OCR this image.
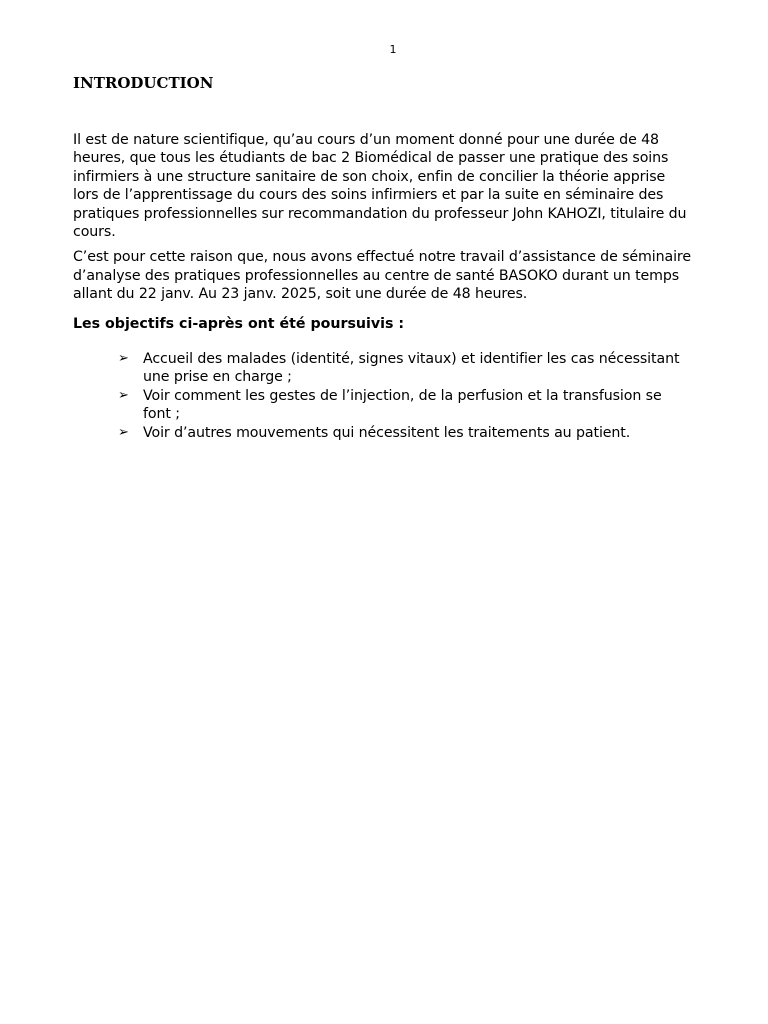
1
INTRODUCTION

Il est de nature scientifique, qu’au cours d’un moment donné pour une durée de 48 heures, que tous les étudiants de bac 2 Biomédical de passer une pratique des soins infirmiers à une structure sanitaire de son choix, enfin de concilier la théorie apprise lors de l’apprentissage du cours des soins infirmiers et par la suite en séminaire des pratiques professionnelles sur recommandation du professeur John KAHOZI, titulaire du cours.

C’est pour cette raison que, nous avons effectué notre travail d’assistance de séminaire d’analyse des pratiques professionnelles au centre de santé BASOKO durant un temps allant du 22 janv. Au 23 janv. 2025, soit une durée de 48 heures.

Les objectifs ci-après ont été poursuivis :

➢ Accueil des malades (identité, signes vitaux) et identifier les cas nécessitant une prise en charge ;
➢ Voir comment les gestes de l’injection, de la perfusion et la transfusion se font ;
➢ Voir d’autres mouvements qui nécessitent les traitements au patient.
